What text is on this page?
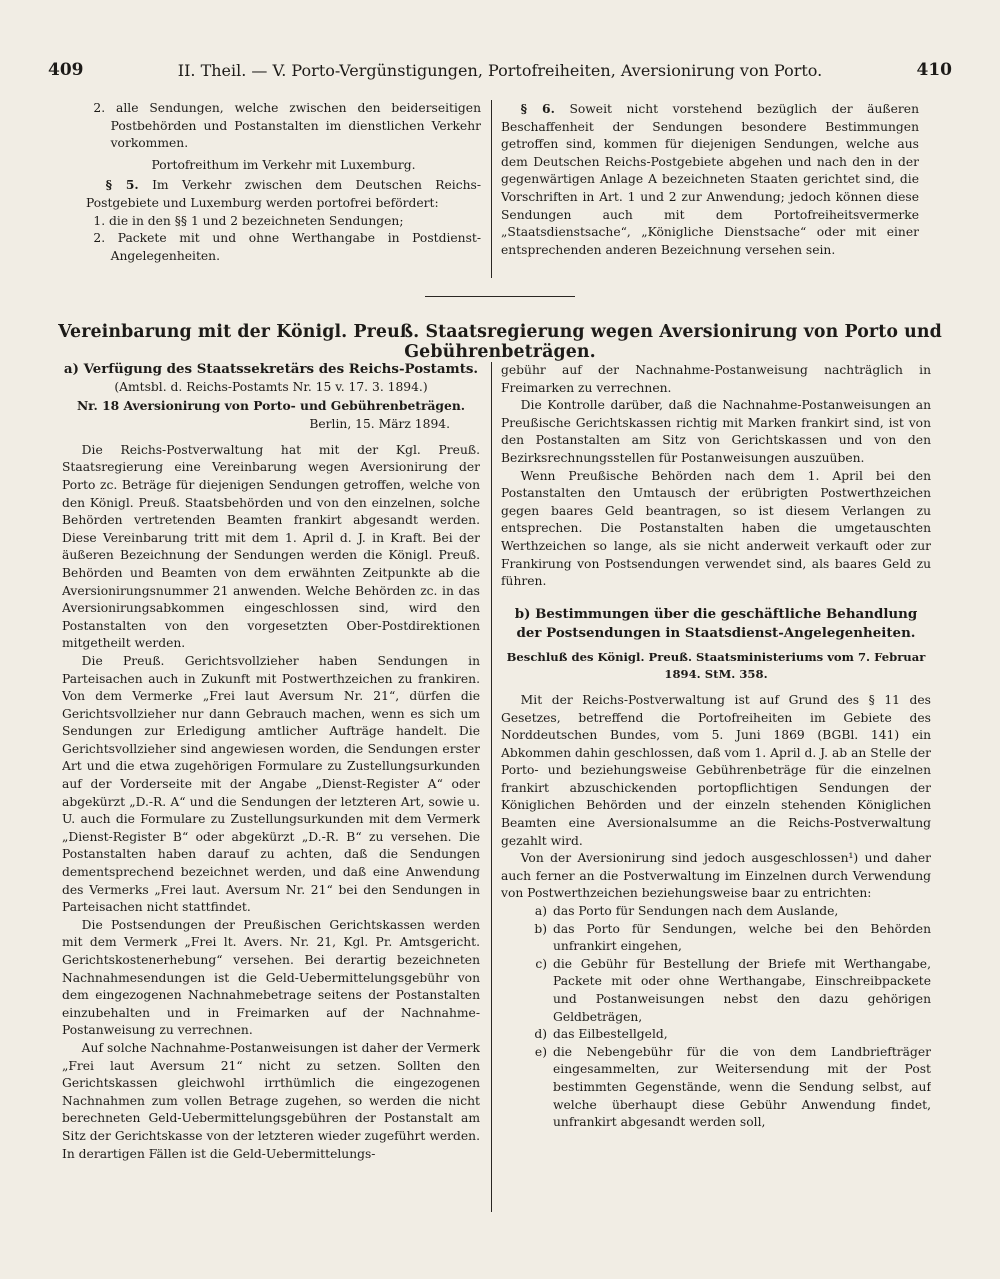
409	II. Theil. — V. Porto-Vergünstigungen, Portofreiheiten, Aversionirung von Porto.	410

2. alle Sendungen, welche zwischen den beiderseitigen Postbehörden und Postanstalten im dienstlichen Verkehr vorkommen.

Portofreithum im Verkehr mit Luxemburg.

§ 5. Im Verkehr zwischen dem Deutschen Reichs-Postgebiete und Luxemburg werden portofrei befördert:

1. die in den §§ 1 und 2 bezeichneten Sendungen;

2. Packete mit und ohne Werthangabe in Postdienst-Angelegenheiten.

§ 6. Soweit nicht vorstehend bezüglich der äußeren Beschaffenheit der Sendungen besondere Bestimmungen getroffen sind, kommen für diejenigen Sendungen, welche aus dem Deutschen Reichs-Postgebiete abgehen und nach den in der gegenwärtigen Anlage A bezeichneten Staaten gerichtet sind, die Vorschriften in Art. 1 und 2 zur Anwendung; jedoch können diese Sendungen auch mit dem Portofreiheitsvermerke „Staatsdienstsache“, „Königliche Dienstsache“ oder mit einer entsprechenden anderen Bezeichnung versehen sein.

Vereinbarung mit der Königl. Preuß. Staatsregierung wegen Aversionirung von Porto und Gebührenbeträgen.

a) Verfügung des Staatssekretärs des Reichs-Postamts.

(Amtsbl. d. Reichs-Postamts Nr. 15 v. 17. 3. 1894.)

Nr. 18 Aversionirung von Porto- und Gebührenbeträgen.

Berlin, 15. März 1894.

Die Reichs-Postverwaltung hat mit der Kgl. Preuß. Staatsregierung eine Vereinbarung wegen Aversionirung der Porto zc. Beträge für diejenigen Sendungen getroffen, welche von den Königl. Preuß. Staatsbehörden und von den einzelnen, solche Behörden vertretenden Beamten frankirt abgesandt werden. Diese Vereinbarung tritt mit dem 1. April d. J. in Kraft. Bei der äußeren Bezeichnung der Sendungen werden die Königl. Preuß. Behörden und Beamten von dem erwähnten Zeitpunkte ab die Aversionirungsnummer 21 anwenden. Welche Behörden zc. in das Aversionirungsabkommen eingeschlossen sind, wird den Postanstalten von den vorgesetzten Ober-Postdirektionen mitgetheilt werden.

Die Preuß. Gerichtsvollzieher haben Sendungen in Parteisachen auch in Zukunft mit Postwerthzeichen zu frankiren. Von dem Vermerke „Frei laut Aversum Nr. 21“, dürfen die Gerichtsvollzieher nur dann Gebrauch machen, wenn es sich um Sendungen zur Erledigung amtlicher Aufträge handelt. Die Gerichtsvollzieher sind angewiesen worden, die Sendungen erster Art und die etwa zugehörigen Formulare zu Zustellungsurkunden auf der Vorderseite mit der Angabe „Dienst-Register A“ oder abgekürzt „D.-R. A“ und die Sendungen der letzteren Art, sowie u. U. auch die Formulare zu Zustellungsurkunden mit dem Vermerk „Dienst-Register B“ oder abgekürzt „D.-R. B“ zu versehen. Die Postanstalten haben darauf zu achten, daß die Sendungen dementsprechend bezeichnet werden, und daß eine Anwendung des Vermerks „Frei laut. Aversum Nr. 21“ bei den Sendungen in Parteisachen nicht stattfindet.

Die Postsendungen der Preußischen Gerichtskassen werden mit dem Vermerk „Frei lt. Avers. Nr. 21, Kgl. Pr. Amtsgericht. Gerichtskostenerhebung“ versehen. Bei derartig bezeichneten Nachnahmesendungen ist die Geld-Uebermittelungsgebühr von dem eingezogenen Nachnahmebetrage seitens der Postanstalten einzubehalten und in Freimarken auf der Nachnahme-Postanweisung zu verrechnen.

Auf solche Nachnahme-Postanweisungen ist daher der Vermerk „Frei laut Aversum 21“ nicht zu setzen. Sollten den Gerichtskassen gleichwohl irrthümlich die eingezogenen Nachnahmen zum vollen Betrage zugehen, so werden die nicht berechneten Geld-Uebermittelungsgebühren der Postanstalt am Sitz der Gerichtskasse von der letzteren wieder zugeführt werden. In derartigen Fällen ist die Geld-Uebermittelungs-

gebühr auf der Nachnahme-Postanweisung nachträglich in Freimarken zu verrechnen.

Die Kontrolle darüber, daß die Nachnahme-Postanweisungen an Preußische Gerichtskassen richtig mit Marken frankirt sind, ist von den Postanstalten am Sitz von Gerichtskassen und von den Bezirksrechnungsstellen für Postanweisungen auszuüben.

Wenn Preußische Behörden nach dem 1. April bei den Postanstalten den Umtausch der erübrigten Postwerthzeichen gegen baares Geld beantragen, so ist diesem Verlangen zu entsprechen. Die Postanstalten haben die umgetauschten Werthzeichen so lange, als sie nicht anderweit verkauft oder zur Frankirung von Postsendungen verwendet sind, als baares Geld zu führen.

b) Bestimmungen über die geschäftliche Behandlung der Postsendungen in Staatsdienst-Angelegenheiten.

Beschluß des Königl. Preuß. Staatsministeriums vom 7. Februar 1894. StM. 358.

Mit der Reichs-Postverwaltung ist auf Grund des § 11 des Gesetzes, betreffend die Portofreiheiten im Gebiete des Norddeutschen Bundes, vom 5. Juni 1869 (BGBl. 141) ein Abkommen dahin geschlossen, daß vom 1. April d. J. ab an Stelle der Porto- und beziehungsweise Gebührenbeträge für die einzelnen frankirt abzuschickenden portopflichtigen Sendungen der Königlichen Behörden und der einzeln stehenden Königlichen Beamten eine Aversionalsumme an die Reichs-Postverwaltung gezahlt wird.

Von der Aversionirung sind jedoch ausgeschlossen¹) und daher auch ferner an die Postverwaltung im Einzelnen durch Verwendung von Postwerthzeichen beziehungsweise baar zu entrichten:

a) das Porto für Sendungen nach dem Auslande,
b) das Porto für Sendungen, welche bei den Behörden unfrankirt eingehen,
c) die Gebühr für Bestellung der Briefe mit Werthangabe, Packete mit oder ohne Werthangabe, Einschreibpackete und Postanweisungen nebst den dazu gehörigen Geldbeträgen,
d) das Eilbestellgeld,
e) die Nebengebühr für die von dem Landbriefträger eingesammelten, zur Weitersendung mit der Post bestimmten Gegenstände, wenn die Sendung selbst, auf welche überhaupt diese Gebühr Anwendung findet, unfrankirt abgesandt werden soll,
